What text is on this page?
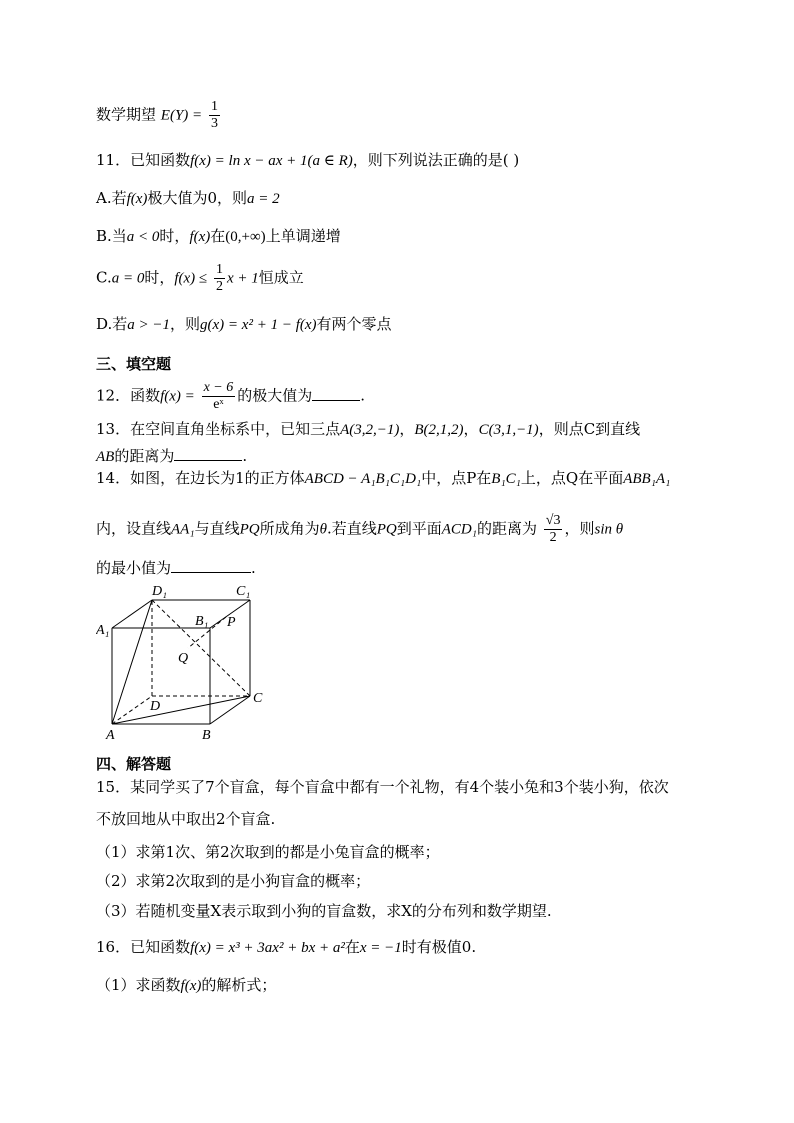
数学期望 $E(Y) = \frac{1}{3}$
11．已知函数f(x) = ln x − ax + 1(a ∈ R)，则下列说法正确的是( )
A.若f(x)极大值为0，则a = 2
B.当a < 0时，f(x)在(0,+∞)上单调递增
C.a = 0时，$f(x) \le \frac{1}{2}$ x + 1恒成立
D.若a > −1，则g(x) = x² + 1 − f(x)有两个零点
三、填空题
12．函数$f(x) = \frac{x - 6}{\text{eˣ}}$ 的极大值为	.
13．在空间直角坐标系中，已知三点A(3,2,−1)，B(2,1,2)，C(3,1,−1)，则点C到直线
AB的距离为	.
14．如图，在边长为1的正方体ABCD − A₁B₁C₁D₁中，点P在B₁C₁上，点Q在平面ABB₁A₁
内，设直线AA₁与直线PQ所成角为θ.若直线PQ到平面ACD₁的距离为 $\frac{√3}{2}$ ，则sin θ
的最小值为	.
D₁	C₁
A₁
B₁ P
Q
D
C
A	B
四、解答题
15．某同学买了7个盲盒，每个盲盒中都有一个礼物，有4个装小兔和3个装小狗，依次
不放回地从中取出2个盲盒.
（1）求第1次、第2次取到的都是小兔盲盒的概率；
（2）求第2次取到的是小狗盲盒的概率；
（3）若随机变量X表示取到小狗的盲盒数，求X的分布列和数学期望.
16．已知函数f(x) = x³ + 3ax² + bx + a²在x = −1时有极值0.
（1）求函数f(x)的解析式；
